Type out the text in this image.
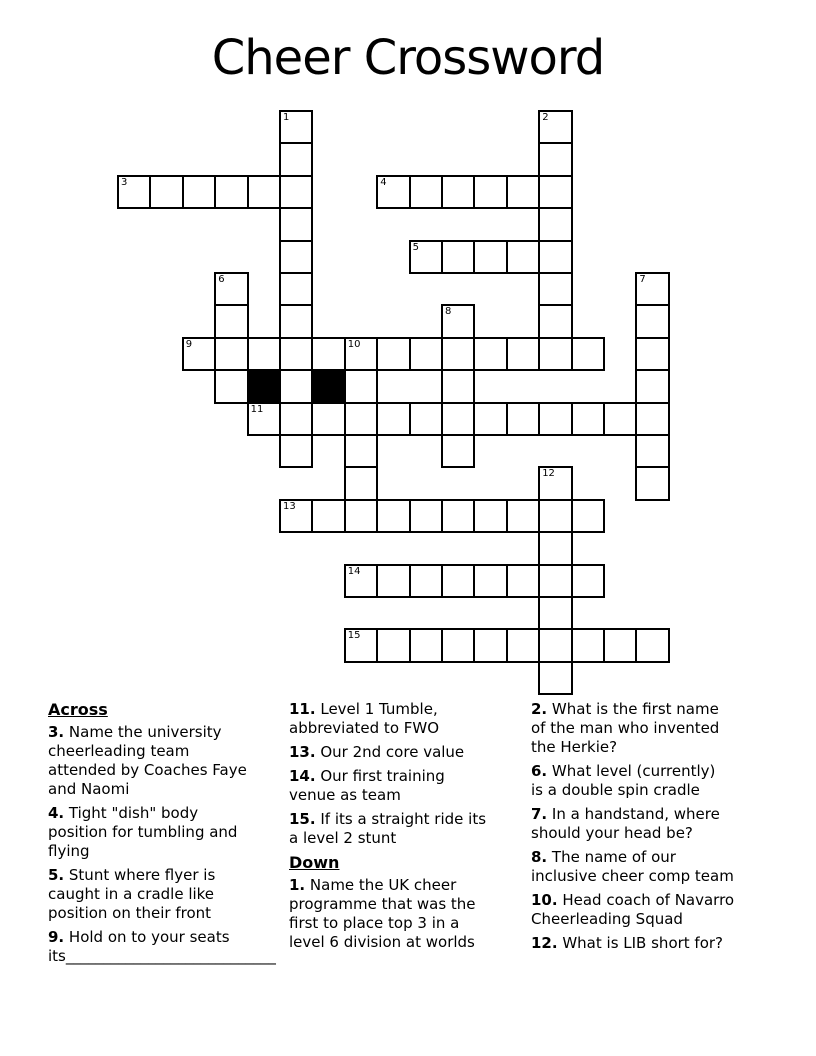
Cheer Crossword
1	2
3	4
5
6	7
8
9	10
11
12
13
14
15
Across
3. Name the university
cheerleading team
attended by Coaches Faye
and Naomi
4. Tight "dish" body
position for tumbling and
flying
5. Stunt where flyer is
caught in a cradle like
position on their front
9. Hold on to your seats
its____________________________
11. Level 1 Tumble,
abbreviated to FWO
13. Our 2nd core value
14. Our first training
venue as team
15. If its a straight ride its
a level 2 stunt
Down
1. Name the UK cheer
programme that was the
first to place top 3 in a
level 6 division at worlds
2. What is the first name
of the man who invented
the Herkie?
6. What level (currently)
is a double spin cradle
7. In a handstand, where
should your head be?
8. The name of our
inclusive cheer comp team
10. Head coach of Navarro
Cheerleading Squad
12. What is LIB short for?
